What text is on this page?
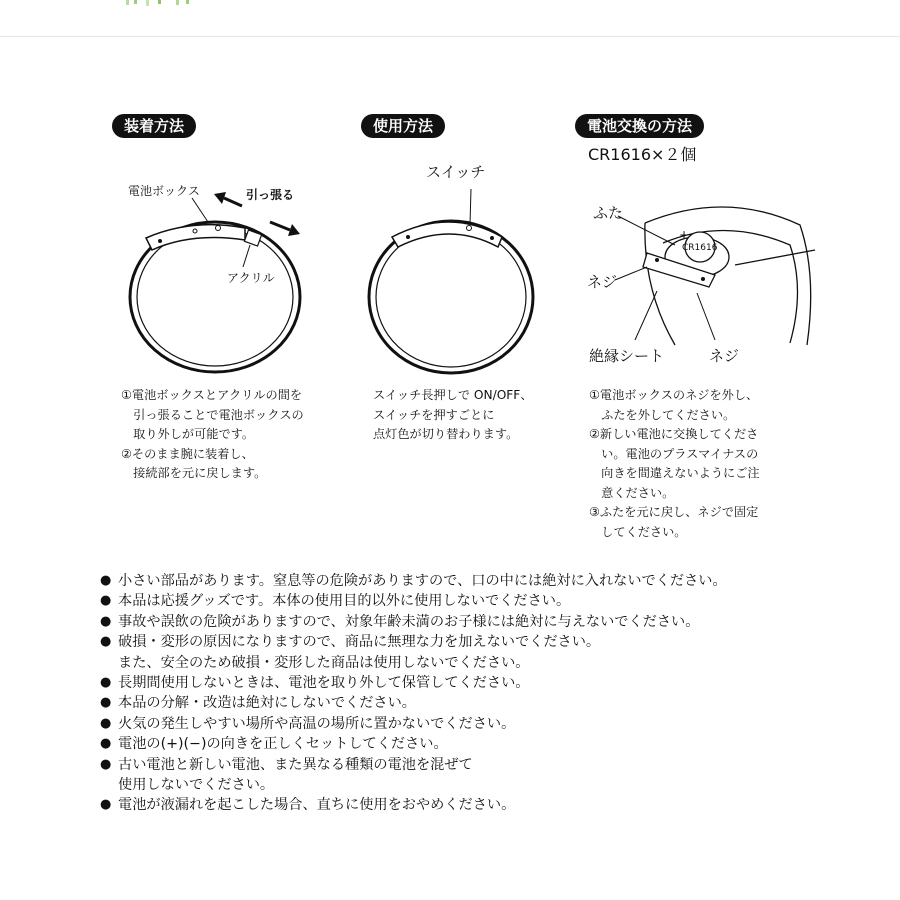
装着方法	使用方法	電池交換の方法
CR1616×２個
電池ボックス	引っ張る
アクリル
スイッチ
+
CR1616
ふた
ネジ
絶縁シート	ネジ

①電池ボックスとアクリルの間を

　引っ張ることで電池ボックスの

　取り外しが可能です。

②そのまま腕に装着し、

　接続部を元に戻します。

スイッチ長押しで ON/OFF、

スイッチを押すごとに

点灯色が切り替わります。

①電池ボックスのネジを外し、

　ふたを外してください。

②新しい電池に交換してくださ

　い。電池のプラスマイナスの

　向きを間違えないようにご注

　意ください。

③ふたを元に戻し、ネジで固定

　してください。

● 小さい部品があります。窒息等の危険がありますので、口の中には絶対に入れないでください。
● 本品は応援グッズです。本体の使用目的以外に使用しないでください。
● 事故や誤飲の危険がありますので、対象年齢未満のお子様には絶対に与えないでください。
● 破損・変形の原因になりますので、商品に無理な力を加えないでください。
また、安全のため破損・変形した商品は使用しないでください。
● 長期間使用しないときは、電池を取り外して保管してください。
● 本品の分解・改造は絶対にしないでください。
● 火気の発生しやすい場所や高温の場所に置かないでください。
● 電池の(+)(−)の向きを正しくセットしてください。
● 古い電池と新しい電池、また異なる種類の電池を混ぜて
使用しないでください。
● 電池が液漏れを起こした場合、直ちに使用をおやめください。
